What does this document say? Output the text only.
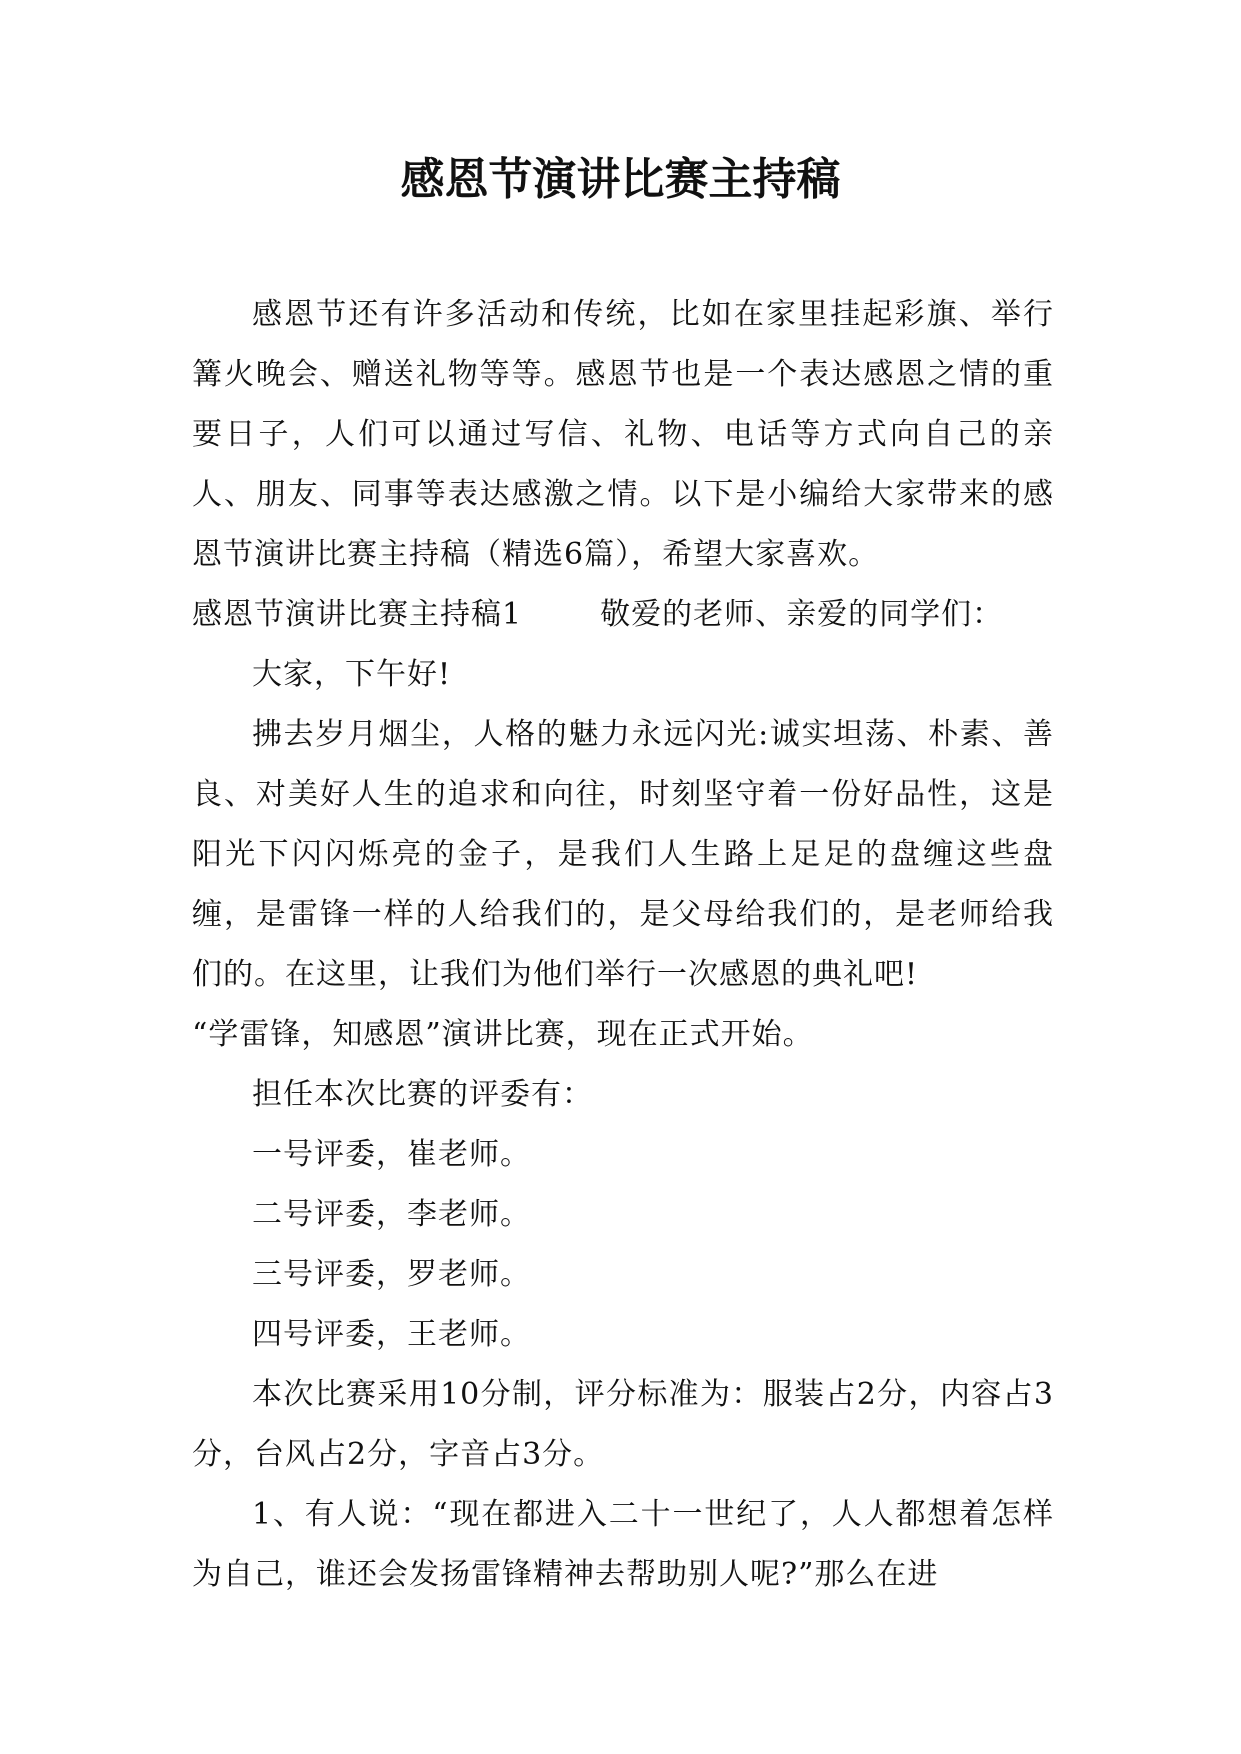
感恩节演讲比赛主持稿

感恩节还有许多活动和传统，比如在家里挂起彩旗、举行篝火晚会、赠送礼物等等。感恩节也是一个表达感恩之情的重要日子，人们可以通过写信、礼物、电话等方式向自己的亲人、朋友、同事等表达感激之情。以下是小编给大家带来的感恩节演讲比赛主持稿（精选6篇），希望大家喜欢。

感恩节演讲比赛主持稿1	敬爱的老师、亲爱的同学们：

大家，下午好!

拂去岁月烟尘，人格的魅力永远闪光:诚实坦荡、朴素、善良、对美好人生的追求和向往，时刻坚守着一份好品性，这是阳光下闪闪烁亮的金子，是我们人生路上足足的盘缠这些盘缠，是雷锋一样的人给我们的，是父母给我们的，是老师给我们的。在这里，让我们为他们举行一次感恩的典礼吧!

“学雷锋，知感恩”演讲比赛，现在正式开始。

担任本次比赛的评委有：

一号评委，崔老师。

二号评委，李老师。

三号评委，罗老师。

四号评委，王老师。

本次比赛采用10分制，评分标准为：服装占2分，内容占3分，台风占2分，字音占3分。

1、有人说：“现在都进入二十一世纪了，人人都想着怎样为自己，谁还会发扬雷锋精神去帮助别人呢?”那么在进
